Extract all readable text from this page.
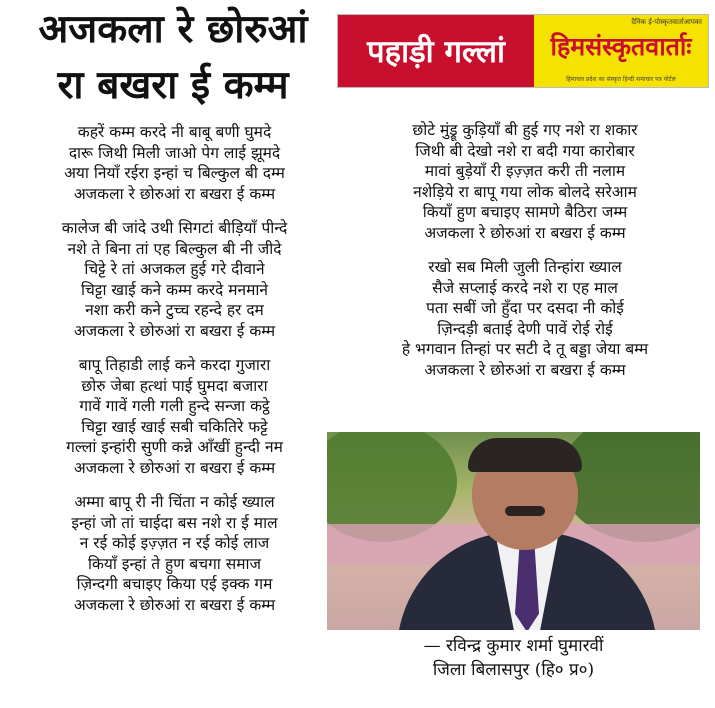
अजकला रे छोरुआं
रा बखरा ई कम्म
पहाड़ी गल्लां
दैनिक ई-पोस्कृतवार्ताआपका
हिमसंस्कृतवार्ताः
हिमाचल प्रदेश का संस्कृत हिन्दी समाचार पत्र पोर्टल
कहरें कम्म करदे नी बाबू बणी घुमदे
दारू जिथी मिली जाओ पेग लाई झूमदे
अया नियाँ रईरा इन्हां च बिल्कुल बी दम्म
अजकला रे छोरुआं रा बखरा ई कम्म
कालेज बी जांदे उथी सिगटां बीड़ियाँ पीन्दे
नशे ते बिना तां एह बिल्कुल बी नी जीदे
चिट्टे रे तां अजकल हुई गरे दीवाने
चिट्टा खाई कने कम्म करदे मनमाने
नशा करी कने टुच्च रहन्दे हर दम
अजकला रे छोरुआं रा बखरा ई कम्म
बापू तिहाडी लाई कने करदा गुजारा
छोरु जेबा हत्थां पाई घुमदा बजारा
गावें गावें गली गली हुन्दे सन्जा कट्ठे
चिट्टा खाई खाई सबी चकितिरे फट्टे
गल्लां इन्हांरी सुणी कन्ने आँखीं हुन्दी नम
अजकला रे छोरुआं रा बखरा ई कम्म
अम्मा बापू री नी चिंता न कोई ख्याल
इन्हां जो तां चाईदा बस नशे रा ई माल
न रई कोई इज़्ज़त न रई कोई लाज
कियाँ इन्हां ते हुण बचगा समाज
ज़िन्दगी बचाइए किया एई इक्क गम
अजकला रे छोरुआं रा बखरा ई कम्म
छोटे मुंड्रू कुड़ियाँ बी हुई गए नशे रा शकार
जिथी बी देखो नशे रा बदी गया कारोबार
मावां बुड़ेयाँ री इज़्ज़त करी ती नलाम
नशेड़िये रा बापू गया लोक बोलदे सरेआम
कियाँ हुण बचाइए सामणे बैठिरा जम्म
अजकला रे छोरुआं रा बखरा ई कम्म
रखो सब मिली जुली तिन्हांरा ख्याल
सैजे सप्लाई करदे नशे रा एह माल
पता सबीं जो हुँदा पर दसदा नी कोई
ज़िन्दड़ी बताई देणी पावें रोई रोई
हे भगवान तिन्हां पर सटी दे तू बड्डा जेया बम्म
अजकला रे छोरुआं रा बखरा ई कम्म
— रविन्द्र कुमार शर्मा घुमारवीं
जिला बिलासपुर (हि० प्र०)
